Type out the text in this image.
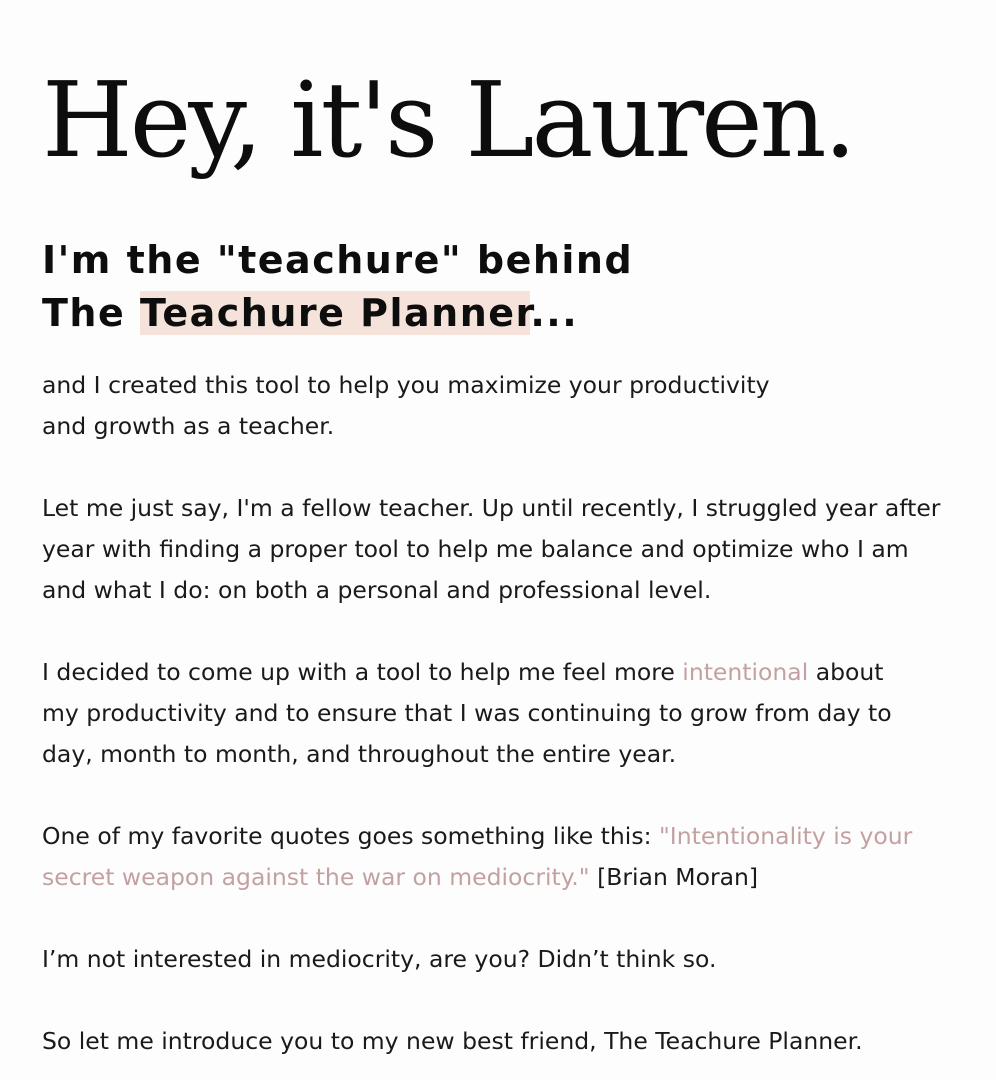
Hey, it's Lauren.
I'm the "teachure" behind
The Teachure Planner...

and I created this tool to help you maximize your productivity
and growth as a teacher.

Let me just say, I'm a fellow teacher. Up until recently, I struggled year after
year with finding a proper tool to help me balance and optimize who I am
and what I do: on both a personal and professional level.

I decided to come up with a tool to help me feel more intentional about
my productivity and to ensure that I was continuing to grow from day to
day, month to month, and throughout the entire year.

One of my favorite quotes goes something like this: "Intentionality is your
secret weapon against the war on mediocrity." [Brian Moran]

I’m not interested in mediocrity, are you? Didn’t think so.

So let me introduce you to my new best friend, The Teachure Planner.
